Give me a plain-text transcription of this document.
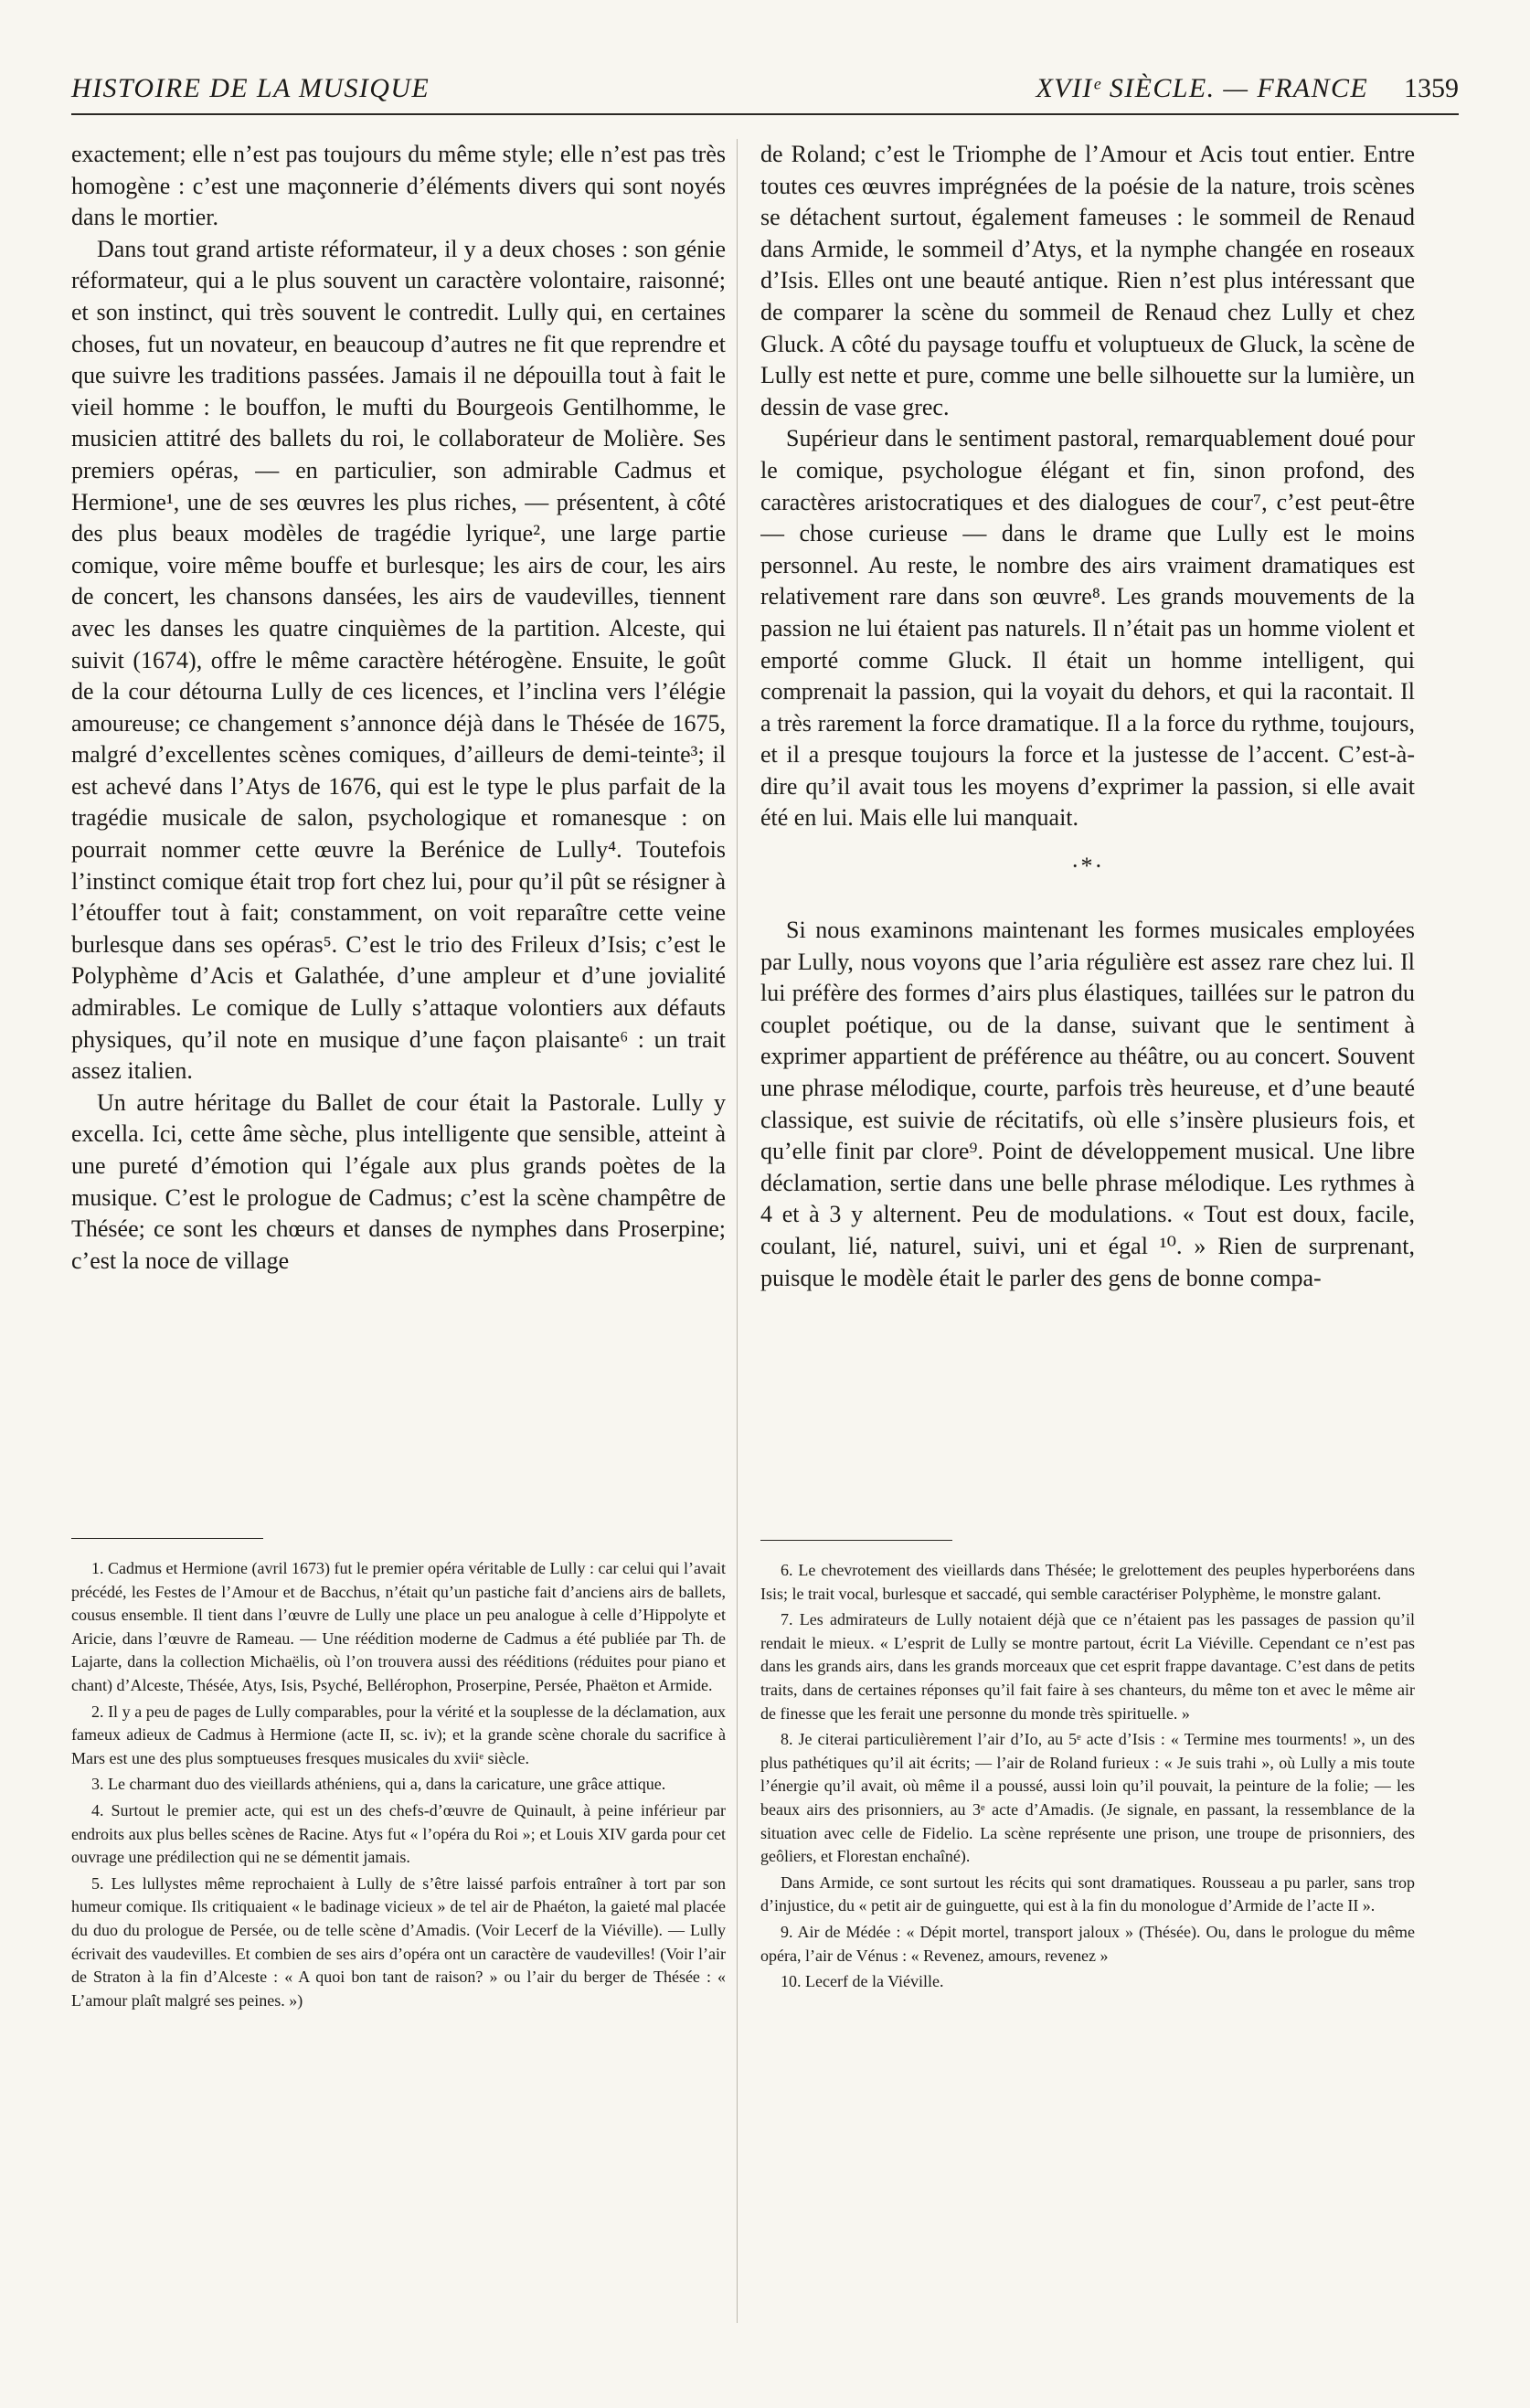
HISTOIRE DE LA MUSIQUE	XVIIᵉ SIÈCLE. — FRANCE 1359

exactement; elle n’est pas toujours du même style; elle n’est pas très homogène : c’est une maçonnerie d’éléments divers qui sont noyés dans le mortier.

Dans tout grand artiste réformateur, il y a deux choses : son génie réformateur, qui a le plus souvent un caractère volontaire, raisonné; et son instinct, qui très souvent le contredit. Lully qui, en certaines choses, fut un novateur, en beaucoup d’autres ne fit que reprendre et que suivre les traditions passées. Jamais il ne dépouilla tout à fait le vieil homme : le bouffon, le mufti du Bourgeois Gentilhomme, le musicien attitré des ballets du roi, le collaborateur de Molière. Ses premiers opéras, — en particulier, son admirable Cadmus et Hermione¹, une de ses œuvres les plus riches, — présentent, à côté des plus beaux modèles de tragédie lyrique², une large partie comique, voire même bouffe et burlesque; les airs de cour, les airs de concert, les chansons dansées, les airs de vaudevilles, tiennent avec les danses les quatre cinquièmes de la partition. Alceste, qui suivit (1674), offre le même caractère hétérogène. Ensuite, le goût de la cour détourna Lully de ces licences, et l’inclina vers l’élégie amoureuse; ce changement s’annonce déjà dans le Thésée de 1675, malgré d’excellentes scènes comiques, d’ailleurs de demi-teinte³; il est achevé dans l’Atys de 1676, qui est le type le plus parfait de la tragédie musicale de salon, psychologique et romanesque : on pourrait nommer cette œuvre la Berénice de Lully⁴. Toutefois l’instinct comique était trop fort chez lui, pour qu’il pût se résigner à l’étouffer tout à fait; constamment, on voit reparaître cette veine burlesque dans ses opéras⁵. C’est le trio des Frileux d’Isis; c’est le Polyphème d’Acis et Galathée, d’une ampleur et d’une jovialité admirables. Le comique de Lully s’attaque volontiers aux défauts physiques, qu’il note en musique d’une façon plaisante⁶ : un trait assez italien.

Un autre héritage du Ballet de cour était la Pastorale. Lully y excella. Ici, cette âme sèche, plus intelligente que sensible, atteint à une pureté d’émotion qui l’égale aux plus grands poètes de la musique. C’est le prologue de Cadmus; c’est la scène champêtre de Thésée; ce sont les chœurs et danses de nymphes dans Proserpine; c’est la noce de village

1. Cadmus et Hermione (avril 1673) fut le premier opéra véritable de Lully : car celui qui l’avait précédé, les Festes de l’Amour et de Bacchus, n’était qu’un pastiche fait d’anciens airs de ballets, cousus ensemble. Il tient dans l’œuvre de Lully une place un peu analogue à celle d’Hippolyte et Aricie, dans l’œuvre de Rameau. — Une réédition moderne de Cadmus a été publiée par Th. de Lajarte, dans la collection Michaëlis, où l’on trouvera aussi des rééditions (réduites pour piano et chant) d’Alceste, Thésée, Atys, Isis, Psyché, Bellérophon, Proserpine, Persée, Phaëton et Armide.

2. Il y a peu de pages de Lully comparables, pour la vérité et la souplesse de la déclamation, aux fameux adieux de Cadmus à Hermione (acte II, sc. iv); et la grande scène chorale du sacrifice à Mars est une des plus somptueuses fresques musicales du xviiᵉ siècle.

3. Le charmant duo des vieillards athéniens, qui a, dans la caricature, une grâce attique.

4. Surtout le premier acte, qui est un des chefs-d’œuvre de Quinault, à peine inférieur par endroits aux plus belles scènes de Racine. Atys fut « l’opéra du Roi »; et Louis XIV garda pour cet ouvrage une prédilection qui ne se démentit jamais.

5. Les lullystes même reprochaient à Lully de s’être laissé parfois entraîner à tort par son humeur comique. Ils critiquaient « le badinage vicieux » de tel air de Phaéton, la gaieté mal placée du duo du prologue de Persée, ou de telle scène d’Amadis. (Voir Lecerf de la Viéville). — Lully écrivait des vaudevilles. Et combien de ses airs d’opéra ont un caractère de vaudevilles! (Voir l’air de Straton à la fin d’Alceste : « A quoi bon tant de raison? » ou l’air du berger de Thésée : « L’amour plaît malgré ses peines. »)

de Roland; c’est le Triomphe de l’Amour et Acis tout entier. Entre toutes ces œuvres imprégnées de la poésie de la nature, trois scènes se détachent surtout, également fameuses : le sommeil de Renaud dans Armide, le sommeil d’Atys, et la nymphe changée en roseaux d’Isis. Elles ont une beauté antique. Rien n’est plus intéressant que de comparer la scène du sommeil de Renaud chez Lully et chez Gluck. A côté du paysage touffu et voluptueux de Gluck, la scène de Lully est nette et pure, comme une belle silhouette sur la lumière, un dessin de vase grec.

Supérieur dans le sentiment pastoral, remarquablement doué pour le comique, psychologue élégant et fin, sinon profond, des caractères aristocratiques et des dialogues de cour⁷, c’est peut-être — chose curieuse — dans le drame que Lully est le moins personnel. Au reste, le nombre des airs vraiment dramatiques est relativement rare dans son œuvre⁸. Les grands mouvements de la passion ne lui étaient pas naturels. Il n’était pas un homme violent et emporté comme Gluck. Il était un homme intelligent, qui comprenait la passion, qui la voyait du dehors, et qui la racontait. Il a très rarement la force dramatique. Il a la force du rythme, toujours, et il a presque toujours la force et la justesse de l’accent. C’est-à-dire qu’il avait tous les moyens d’exprimer la passion, si elle avait été en lui. Mais elle lui manquait.

·*·

Si nous examinons maintenant les formes musicales employées par Lully, nous voyons que l’aria régulière est assez rare chez lui. Il lui préfère des formes d’airs plus élastiques, taillées sur le patron du couplet poétique, ou de la danse, suivant que le sentiment à exprimer appartient de préférence au théâtre, ou au concert. Souvent une phrase mélodique, courte, parfois très heureuse, et d’une beauté classique, est suivie de récitatifs, où elle s’insère plusieurs fois, et qu’elle finit par clore⁹. Point de développement musical. Une libre déclamation, sertie dans une belle phrase mélodique. Les rythmes à 4 et à 3 y alternent. Peu de modulations. « Tout est doux, facile, coulant, lié, naturel, suivi, uni et égal ¹⁰. » Rien de surprenant, puisque le modèle était le parler des gens de bonne compa-

6. Le chevrotement des vieillards dans Thésée; le grelottement des peuples hyperboréens dans Isis; le trait vocal, burlesque et saccadé, qui semble caractériser Polyphème, le monstre galant.

7. Les admirateurs de Lully notaient déjà que ce n’étaient pas les passages de passion qu’il rendait le mieux. « L’esprit de Lully se montre partout, écrit La Viéville. Cependant ce n’est pas dans les grands airs, dans les grands morceaux que cet esprit frappe davantage. C’est dans de petits traits, dans de certaines réponses qu’il fait faire à ses chanteurs, du même ton et avec le même air de finesse que les ferait une personne du monde très spirituelle. »

8. Je citerai particulièrement l’air d’Io, au 5ᵉ acte d’Isis : « Termine mes tourments! », un des plus pathétiques qu’il ait écrits; — l’air de Roland furieux : « Je suis trahi », où Lully a mis toute l’énergie qu’il avait, où même il a poussé, aussi loin qu’il pouvait, la peinture de la folie; — les beaux airs des prisonniers, au 3ᵉ acte d’Amadis. (Je signale, en passant, la ressemblance de la situation avec celle de Fidelio. La scène représente une prison, une troupe de prisonniers, des geôliers, et Florestan enchaîné).

Dans Armide, ce sont surtout les récits qui sont dramatiques. Rousseau a pu parler, sans trop d’injustice, du « petit air de guinguette, qui est à la fin du monologue d’Armide de l’acte II ».

9. Air de Médée : « Dépit mortel, transport jaloux » (Thésée). Ou, dans le prologue du même opéra, l’air de Vénus : « Revenez, amours, revenez »

10. Lecerf de la Viéville.
